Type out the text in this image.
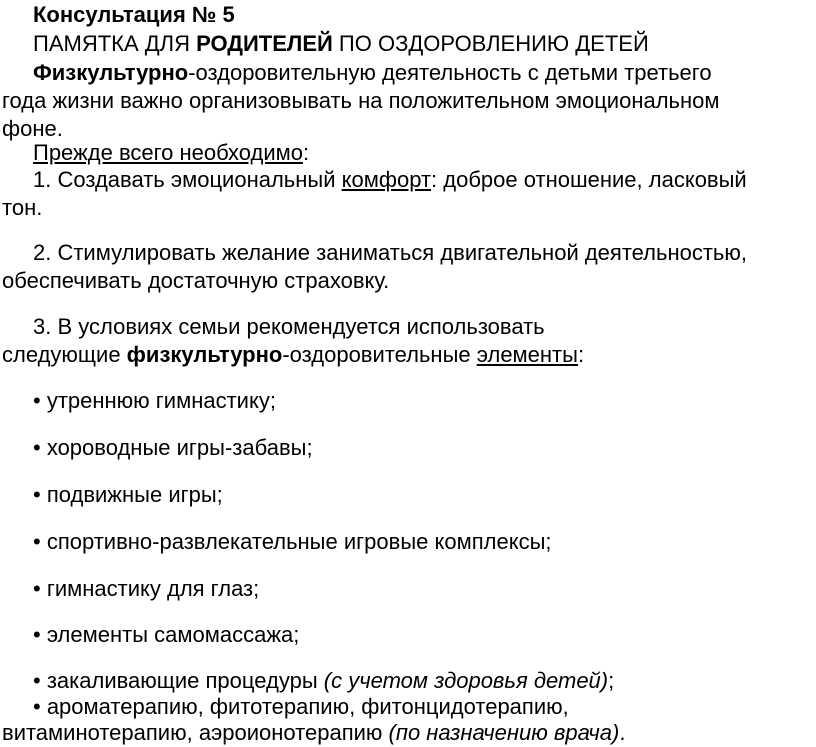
Консультация № 5
ПАМЯТКА ДЛЯ РОДИТЕЛЕЙ ПО ОЗДОРОВЛЕНИЮ ДЕТЕЙ
Физкультурно-оздоровительную деятельность с детьми третьего
года жизни важно организовывать на положительном эмоциональном
фоне.
Прежде всего необходимо:
1. Создавать эмоциональный комфорт: доброе отношение, ласковый
тон.
2. Стимулировать желание заниматься двигательной деятельностью,
обеспечивать достаточную страховку.
3. В условиях семьи рекомендуется использовать
следующие физкультурно-оздоровительные элементы:
• утреннюю гимнастику;
• хороводные игры-забавы;
• подвижные игры;
• спортивно-развлекательные игровые комплексы;
• гимнастику для глаз;
• элементы самомассажа;
• закаливающие процедуры (с учетом здоровья детей);
• ароматерапию, фитотерапию, фитонцидотерапию,
витаминотерапию, аэроионотерапию (по назначению врача).
